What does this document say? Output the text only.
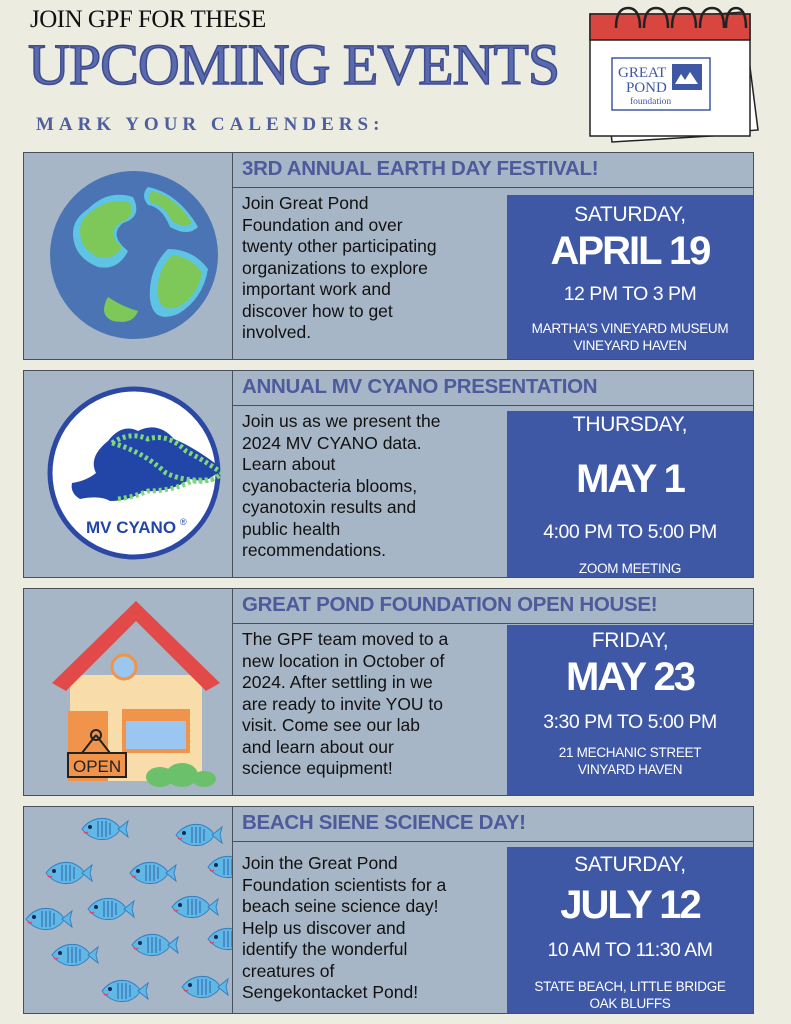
JOIN GPF FOR THESE
UPCOMING EVENTS
MARK YOUR CALENDERS:
GREAT
POND
foundation
3RD ANNUAL EARTH DAY FESTIVAL!
Join Great Pond
Foundation and over
twenty other participating
organizations to explore
important work and
discover how to get
involved.
SATURDAY,
APRIL 19
12 PM TO 3 PM
MARTHA'S VINEYARD MUSEUM
VINEYARD HAVEN
MV CYANO ®
ANNUAL MV CYANO PRESENTATION
Join us as we present the
2024 MV CYANO data.
Learn about
cyanobacteria blooms,
cyanotoxin results and
public health
recommendations.
THURSDAY,
MAY 1
4:00 PM TO 5:00 PM
ZOOM MEETING
OPEN
GREAT POND FOUNDATION OPEN HOUSE!
The GPF team moved to a
new location in October of
2024. After settling in we
are ready to invite YOU to
visit. Come see our lab
and learn about our
science equipment!
FRIDAY,
MAY 23
3:30 PM TO 5:00 PM
21 MECHANIC STREET
VINYARD HAVEN
BEACH SIENE SCIENCE DAY!
Join the Great Pond
Foundation scientists for a
beach seine science day!
Help us discover and
identify the wonderful
creatures of
Sengekontacket Pond!
SATURDAY,
JULY 12
10 AM TO 11:30 AM
STATE BEACH, LITTLE BRIDGE
OAK BLUFFS
